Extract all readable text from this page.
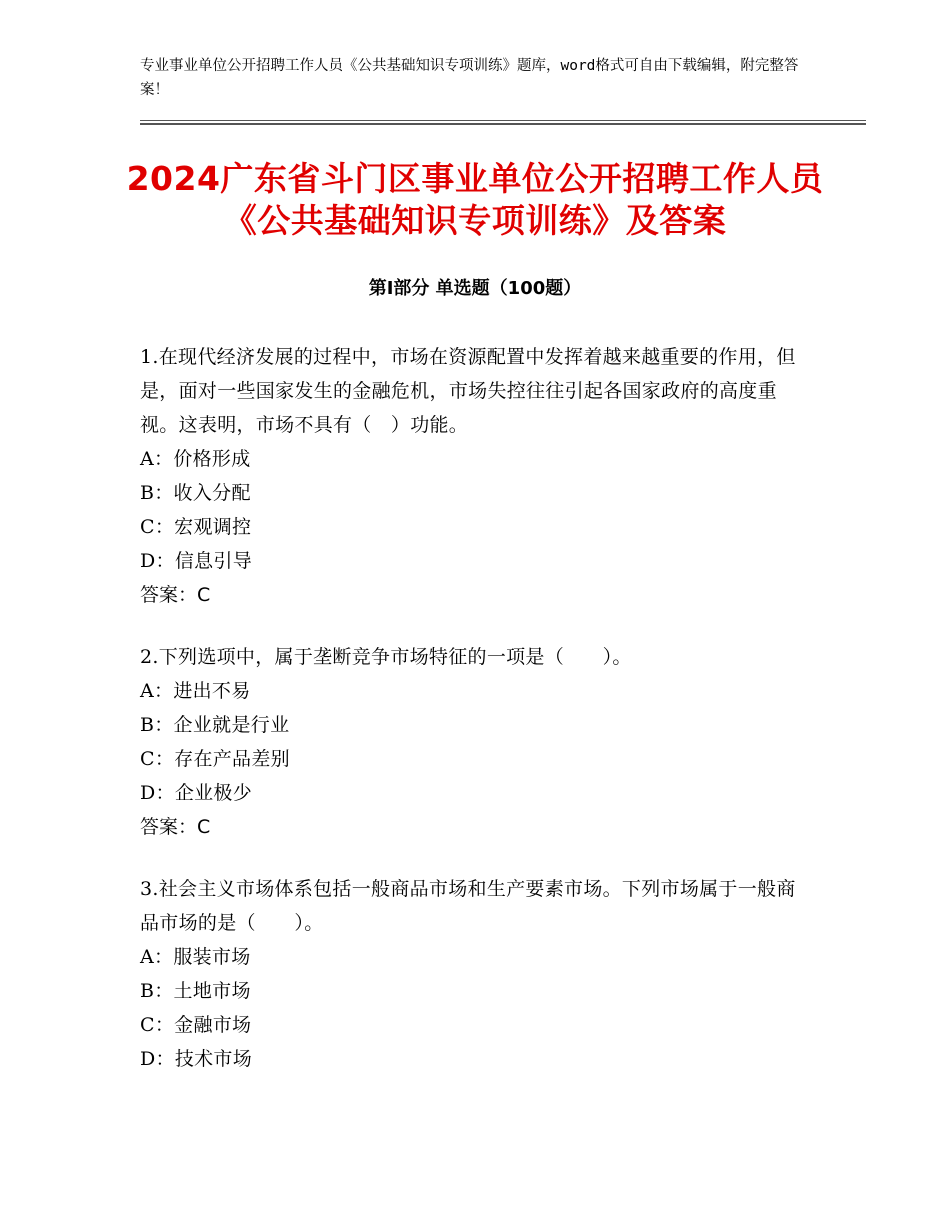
专业事业单位公开招聘工作人员《公共基础知识专项训练》题库，word格式可自由下载编辑，附完整答案！
2024广东省斗门区事业单位公开招聘工作人员《公共基础知识专项训练》及答案
第I部分 单选题（100题）

1.在现代经济发展的过程中，市场在资源配置中发挥着越来越重要的作用，但是，面对一些国家发生的金融危机，市场失控往往引起各国家政府的高度重视。这表明，市场不具有（　）功能。

A：价格形成

B：收入分配

C：宏观调控

D：信息引导

答案：C

2.下列选项中，属于垄断竞争市场特征的一项是（　　）。

A：进出不易

B：企业就是行业

C：存在产品差别

D：企业极少

答案：C

3.社会主义市场体系包括一般商品市场和生产要素市场。下列市场属于一般商品市场的是（　　）。

A：服装市场

B：土地市场

C：金融市场

D：技术市场
